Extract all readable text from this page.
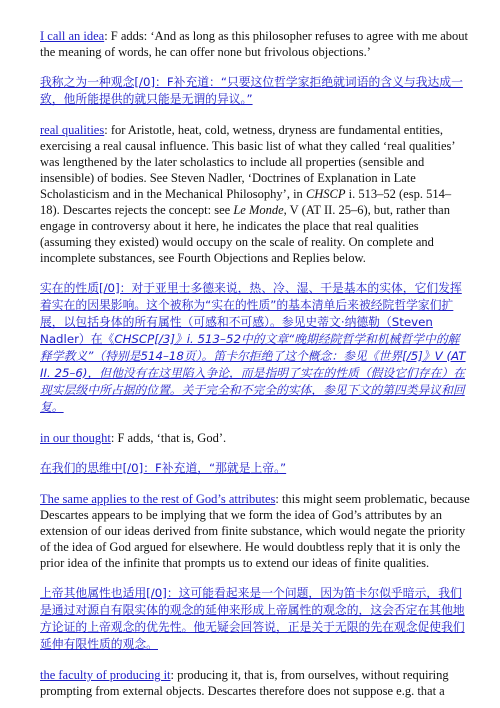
I call an idea: F adds: ‘And as long as this philosopher refuses to agree with me about the meaning of words, he can offer none but frivolous objections.’

我称之为一种观念[/0]：F补充道：“只要这位哲学家拒绝就词语的含义与我达成一致，他所能提供的就只能是无谓的异议。”

real qualities: for Aristotle, heat, cold, wetness, dryness are fundamental entities, exercising a real causal influence. This basic list of what they called ‘real qualities’ was lengthened by the later scholastics to include all properties (sensible and insensible) of bodies. See Steven Nadler, ‘Doctrines of Explanation in Late Scholasticism and in the Mechanical Philosophy’, in CHSCP i. 513–52 (esp. 514–18). Descartes rejects the concept: see Le Monde, V (AT II. 25–6), but, rather than engage in controversy about it here, he indicates the place that real qualities (assuming they existed) would occupy on the scale of reality. On complete and incomplete substances, see Fourth Objections and Replies below.

实在的性质[/0]：对于亚里士多德来说，热、冷、湿、干是基本的实体，它们发挥着实在的因果影响。这个被称为“实在的性质”的基本清单后来被经院哲学家们扩展，以包括身体的所有属性（可感和不可感）。参见史蒂文·纳德勒（Steven Nadler）在《CHSCP[/3]》i. 513–52中的文章“晚期经院哲学和机械哲学中的解释学教义”（特别是514–18页）。笛卡尔拒绝了这个概念：参见《世界[/5]》V (AT II. 25–6)，但他没有在这里陷入争论，而是指明了实在的性质（假设它们存在）在现实层级中所占据的位置。关于完全和不完全的实体，参见下文的第四类异议和回复。

in our thought: F adds, ‘that is, God’.

在我们的思维中[/0]：F补充道，“那就是上帝。”

The same applies to the rest of God’s attributes: this might seem problematic, because Descartes appears to be implying that we form the idea of God’s attributes by an extension of our ideas derived from finite substance, which would negate the priority of the idea of God argued for elsewhere. He would doubtless reply that it is only the prior idea of the infinite that prompts us to extend our ideas of finite qualities.

上帝其他属性也适用[/0]：这可能看起来是一个问题，因为笛卡尔似乎暗示，我们是通过对源自有限实体的观念的延伸来形成上帝属性的观念的，这会否定在其他地方论证的上帝观念的优先性。他无疑会回答说，正是关于无限的先在观念促使我们延伸有限性质的观念。

the faculty of producing it: producing it, that is, from ourselves, without requiring prompting from external objects. Descartes therefore does not suppose e.g. that a
